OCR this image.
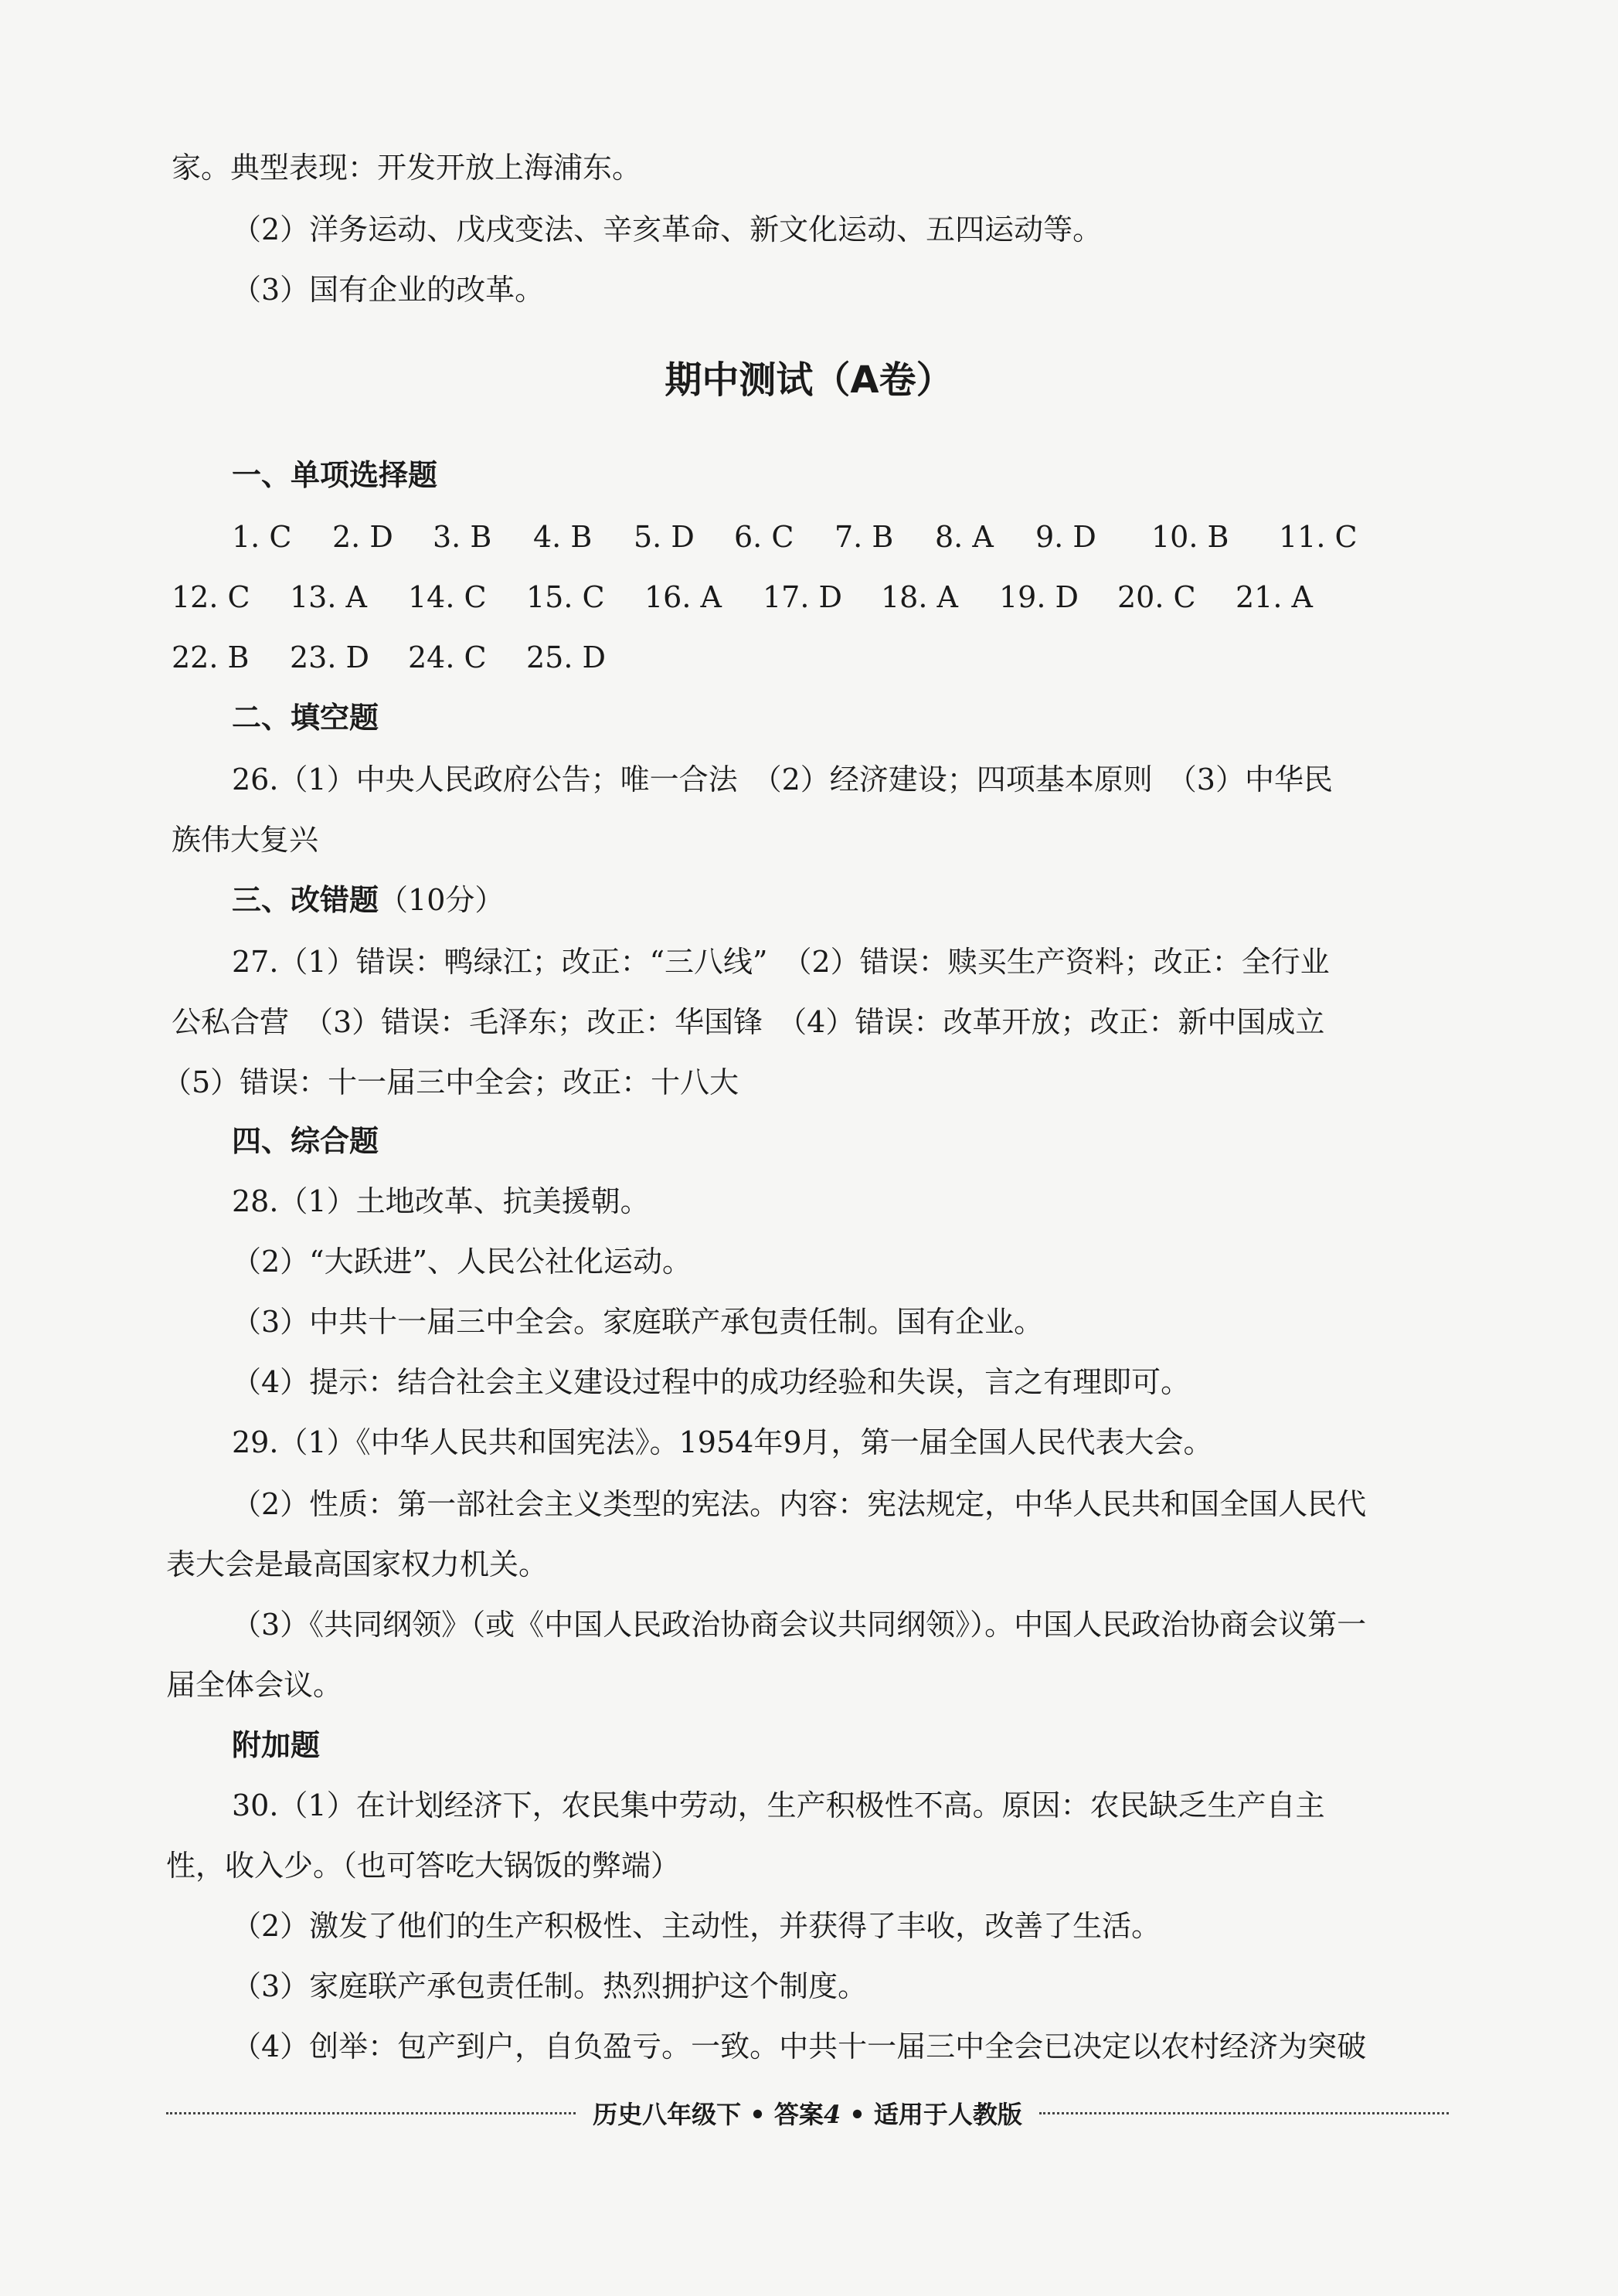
家。典型表现：开发开放上海浦东。
（2）洋务运动、戊戌变法、辛亥革命、新文化运动、五四运动等。
（3）国有企业的改革。
期中测试（A卷）
一、单项选择题
1. C 2. D 3. B 4. B 5. D 6. C 7. B 8. A 9. D 10. B 11. C
12. C 13. A 14. C 15. C 16. A 17. D 18. A 19. D 20. C 21. A
22. B 23. D 24. C 25. D
二、填空题
26.（1）中央人民政府公告；唯一合法　（2）经济建设；四项基本原则　（3）中华民
族伟大复兴
三、改错题（10分）
27.（1）错误：鸭绿江；改正：“三八线”　（2）错误：赎买生产资料；改正：全行业
公私合营　（3）错误：毛泽东；改正：华国锋　（4）错误：改革开放；改正：新中国成立
（5）错误：十一届三中全会；改正：十八大
四、综合题
28.（1）土地改革、抗美援朝。
（2）“大跃进”、人民公社化运动。
（3）中共十一届三中全会。家庭联产承包责任制。国有企业。
（4）提示：结合社会主义建设过程中的成功经验和失误，言之有理即可。
29.（1）《中华人民共和国宪法》。1954年9月，第一届全国人民代表大会。
（2）性质：第一部社会主义类型的宪法。内容：宪法规定，中华人民共和国全国人民代
表大会是最高国家权力机关。
（3）《共同纲领》（或《中国人民政治协商会议共同纲领》）。中国人民政治协商会议第一
届全体会议。
附加题
30.（1）在计划经济下，农民集中劳动，生产积极性不高。原因：农民缺乏生产自主
性，收入少。（也可答吃大锅饭的弊端）
（2）激发了他们的生产积极性、主动性，并获得了丰收，改善了生活。
（3）家庭联产承包责任制。热烈拥护这个制度。
（4）创举：包产到户，自负盈亏。一致。中共十一届三中全会已决定以农村经济为突破
历史八年级下 • 答案4 • 适用于人教版
